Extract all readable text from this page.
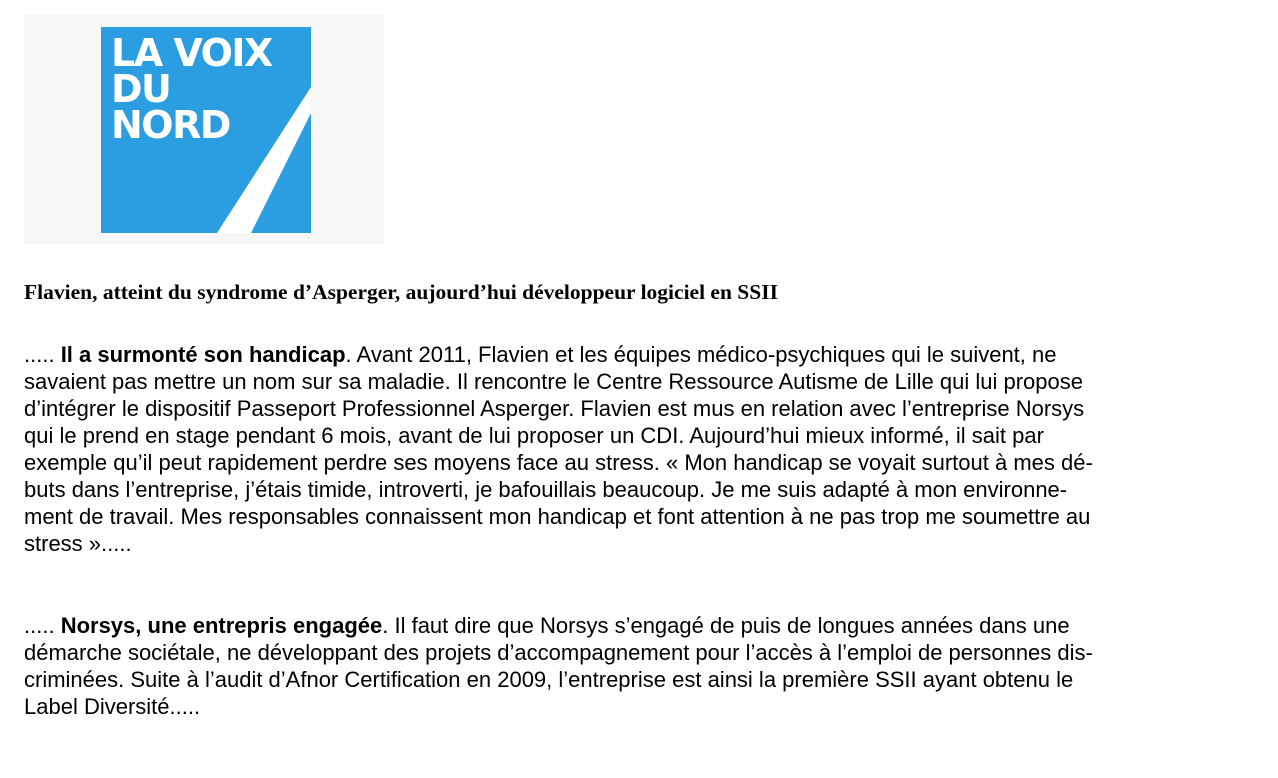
LA VOIX
DU
NORD
Flavien, atteint du syndrome d’Asperger, aujourd’hui développeur logiciel en SSII
..... Il a surmonté son handicap. Avant 2011, Flavien et les équipes médico-psychiques qui le suivent, ne
savaient pas mettre un nom sur sa maladie. Il rencontre le Centre Ressource Autisme de Lille qui lui propose
d’intégrer le dispositif Passeport Professionnel Asperger. Flavien est mus en relation avec l’entreprise Norsys
qui le prend en stage pendant 6 mois, avant de lui proposer un CDI. Aujourd’hui mieux informé, il sait par
exemple qu’il peut rapidement perdre ses moyens face au stress. « Mon handicap se voyait surtout à mes dé-
buts dans l’entreprise, j’étais timide, introverti, je bafouillais beaucoup. Je me suis adapté à mon environne-
ment de travail. Mes responsables connaissent mon handicap et font attention à ne pas trop me soumettre au
stress ».....
..... Norsys, une entrepris engagée. Il faut dire que Norsys s’engagé de puis de longues années dans une
démarche sociétale, ne développant des projets d’accompagnement pour l’accès à l’emploi de personnes dis-
criminées. Suite à l’audit d’Afnor Certification en 2009, l’entreprise est ainsi la première SSII ayant obtenu le
Label Diversité.....
